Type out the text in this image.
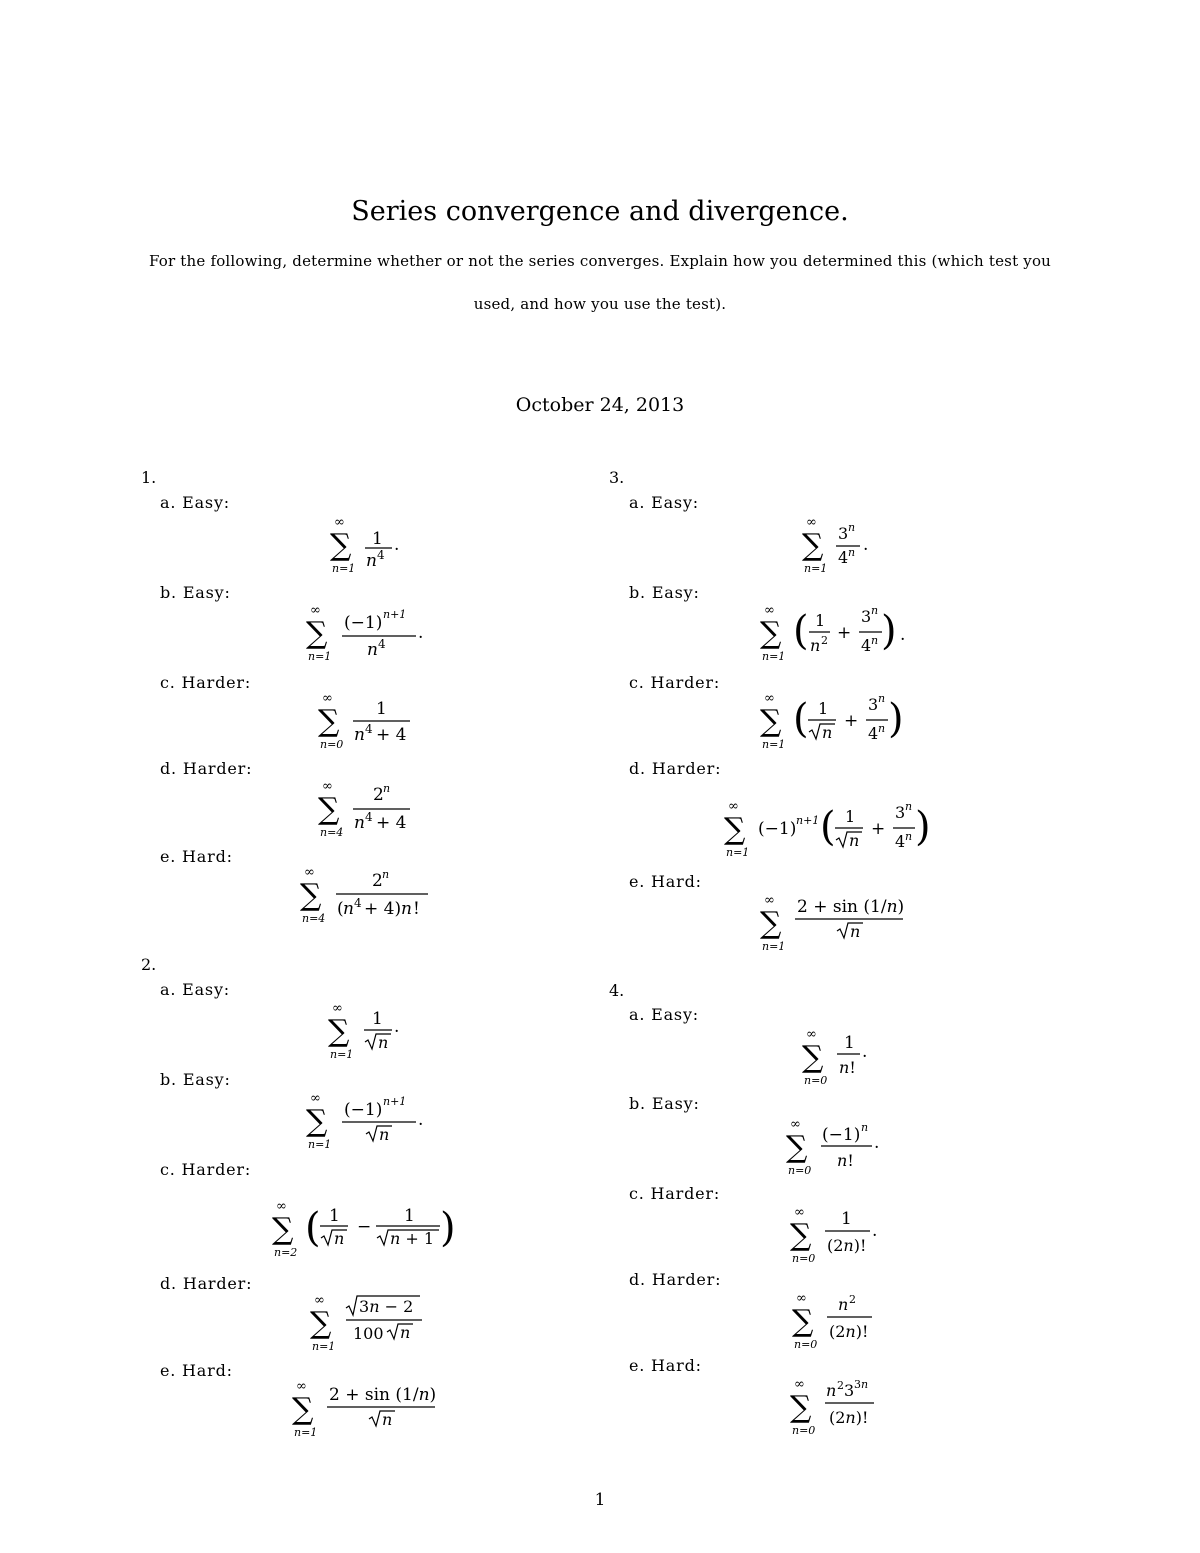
Series convergence and divergence.
For the following, determine whether or not the series converges. Explain how you determined this (which test you
used, and how you use the test).
October 24, 2013
1.
2.
3.
4.
a. Easy:
b. Easy:
c. Harder:
d. Harder:
e. Hard:
a. Easy:
b. Easy:
c. Harder:
d. Harder:
e. Hard:
a. Easy:
b. Easy:
c. Harder:
d. Harder:
e. Hard:
a. Easy:
b. Easy:
c. Harder:
d. Harder:
e. Hard:
∞
∑
n=1
1
n 4 .
∞
∑
n=1
(−1) n+1
n 4
.
∞
∑
n=0
1
n 4 + 4
∞
∑
n=4
2 n
n 4 + 4
∞
∑
n=4
2 n
( n 4 + 4) n !
∞
∑
n=1
1
n
.
∞
∑
n=1
(−1) n+1
n
.
∞
∑
n=2
( 1
n
−
1
n + 1 )
∞
∑
n=1
3n − 2
100 n
∞
∑
n=1
2 + sin (1/n)
n
∞
∑
n=1
3 n
4 n .
∞
∑
n=1
( 1
n 2 +
3 n
4 n ) .
∞
∑
n=1
( 1
n
+
3 n
4 n )
∞
∑
n=1
(−1) n+1 ( 1
n
+
3 n
4 n )
∞
∑
n=1
2 + sin (1/n)
n
∞
∑
n=0
1
n!
.
∞
∑
n=0
(−1) n
n!
.
∞
∑
n=0
1
(2n)!
.
∞
∑
n=0
n 2
(2n)!
∞
∑
n=0
n 2 3 3n
(2n)!
1
